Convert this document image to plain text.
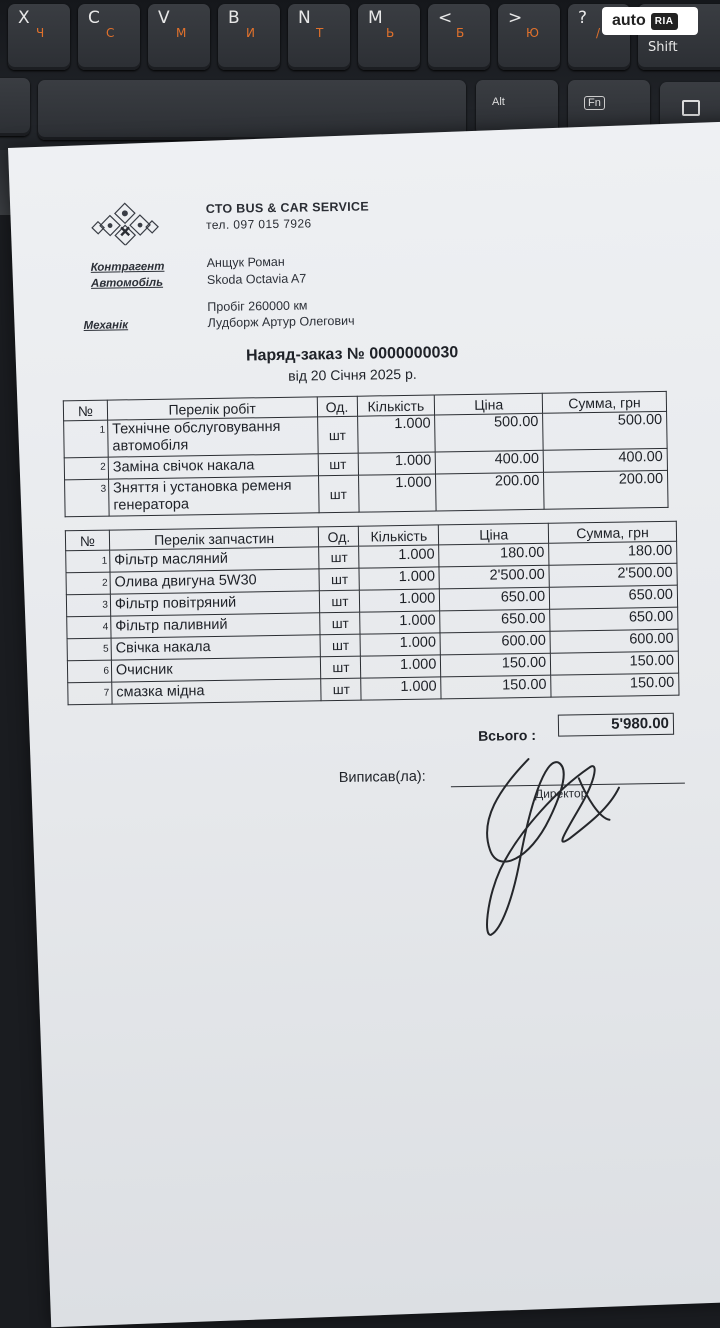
X
Ч
C
С
V
М
B
И
N
Т
M
Ь
<
Б
>
Ю
?
/
Shift
Alt	Fn
auto RIA
СТО BUS & CAR SERVICE
тел. 097 015 7926
Контрагент	Анщук Роман
Автомобіль	Skoda Octavia A7
Пробіг 260000 км
Механік	Лудборж Артур Олегович
Наряд-заказ № 0000000030
від 20 Січня 2025 р.
№	Перелік робіт	Од.	Кількість	Ціна	Сумма, грн
1	Технічне обслуговування автомобіля	шт	1.000	500.00	500.00
2	Заміна свічок накала	шт	1.000	400.00	400.00
3	Зняття і установка ременя генератора	шт	1.000	200.00	200.00
№	Перелік запчастин	Од.	Кількість	Ціна	Сумма, грн
1	Фільтр масляний	шт	1.000	180.00	180.00
2	Олива двигуна 5W30	шт	1.000	2'500.00	2'500.00
3	Фільтр повітряний	шт	1.000	650.00	650.00
4	Фільтр паливний	шт	1.000	650.00	650.00
5	Свічка накала	шт	1.000	600.00	600.00
6	Очисник	шт	1.000	150.00	150.00
7	смазка мідна	шт	1.000	150.00	150.00
Всього :
5'980.00
Виписав(ла):
Директор
